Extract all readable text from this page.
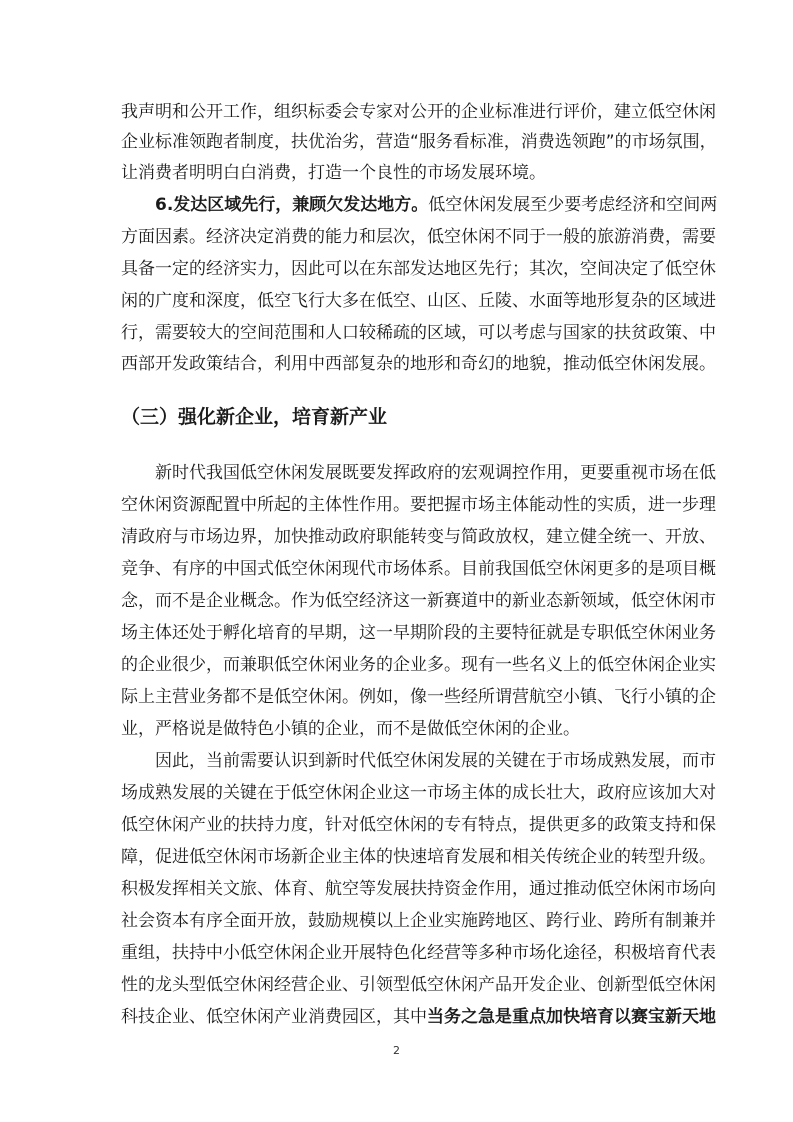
我声明和公开工作，组织标委会专家对公开的企业标准进行评价，建立低空休闲
企业标准领跑者制度，扶优治劣，营造“服务看标准，消费选领跑”的市场氛围，
让消费者明明白白消费，打造一个良性的市场发展环境。
6.发达区域先行，兼顾欠发达地方。低空休闲发展至少要考虑经济和空间两
方面因素。经济决定消费的能力和层次，低空休闲不同于一般的旅游消费，需要
具备一定的经济实力，因此可以在东部发达地区先行；其次，空间决定了低空休
闲的广度和深度，低空飞行大多在低空、山区、丘陵、水面等地形复杂的区域进
行，需要较大的空间范围和人口较稀疏的区域，可以考虑与国家的扶贫政策、中
西部开发政策结合，利用中西部复杂的地形和奇幻的地貌，推动低空休闲发展。
（三）强化新企业，培育新产业
新时代我国低空休闲发展既要发挥政府的宏观调控作用，更要重视市场在低
空休闲资源配置中所起的主体性作用。要把握市场主体能动性的实质，进一步理
清政府与市场边界，加快推动政府职能转变与简政放权，建立健全统一、开放、
竞争、有序的中国式低空休闲现代市场体系。目前我国低空休闲更多的是项目概
念，而不是企业概念。作为低空经济这一新赛道中的新业态新领域，低空休闲市
场主体还处于孵化培育的早期，这一早期阶段的主要特征就是专职低空休闲业务
的企业很少，而兼职低空休闲业务的企业多。现有一些名义上的低空休闲企业实
际上主营业务都不是低空休闲。例如，像一些经所谓营航空小镇、飞行小镇的企
业，严格说是做特色小镇的企业，而不是做低空休闲的企业。
因此，当前需要认识到新时代低空休闲发展的关键在于市场成熟发展，而市
场成熟发展的关键在于低空休闲企业这一市场主体的成长壮大，政府应该加大对
低空休闲产业的扶持力度，针对低空休闲的专有特点，提供更多的政策支持和保
障，促进低空休闲市场新企业主体的快速培育发展和相关传统企业的转型升级。
积极发挥相关文旅、体育、航空等发展扶持资金作用，通过推动低空休闲市场向
社会资本有序全面开放，鼓励规模以上企业实施跨地区、跨行业、跨所有制兼并
重组，扶持中小低空休闲企业开展特色化经营等多种市场化途径，积极培育代表
性的龙头型低空休闲经营企业、引领型低空休闲产品开发企业、创新型低空休闲
科技企业、低空休闲产业消费园区，其中当务之急是重点加快培育以赛宝新天地
2
